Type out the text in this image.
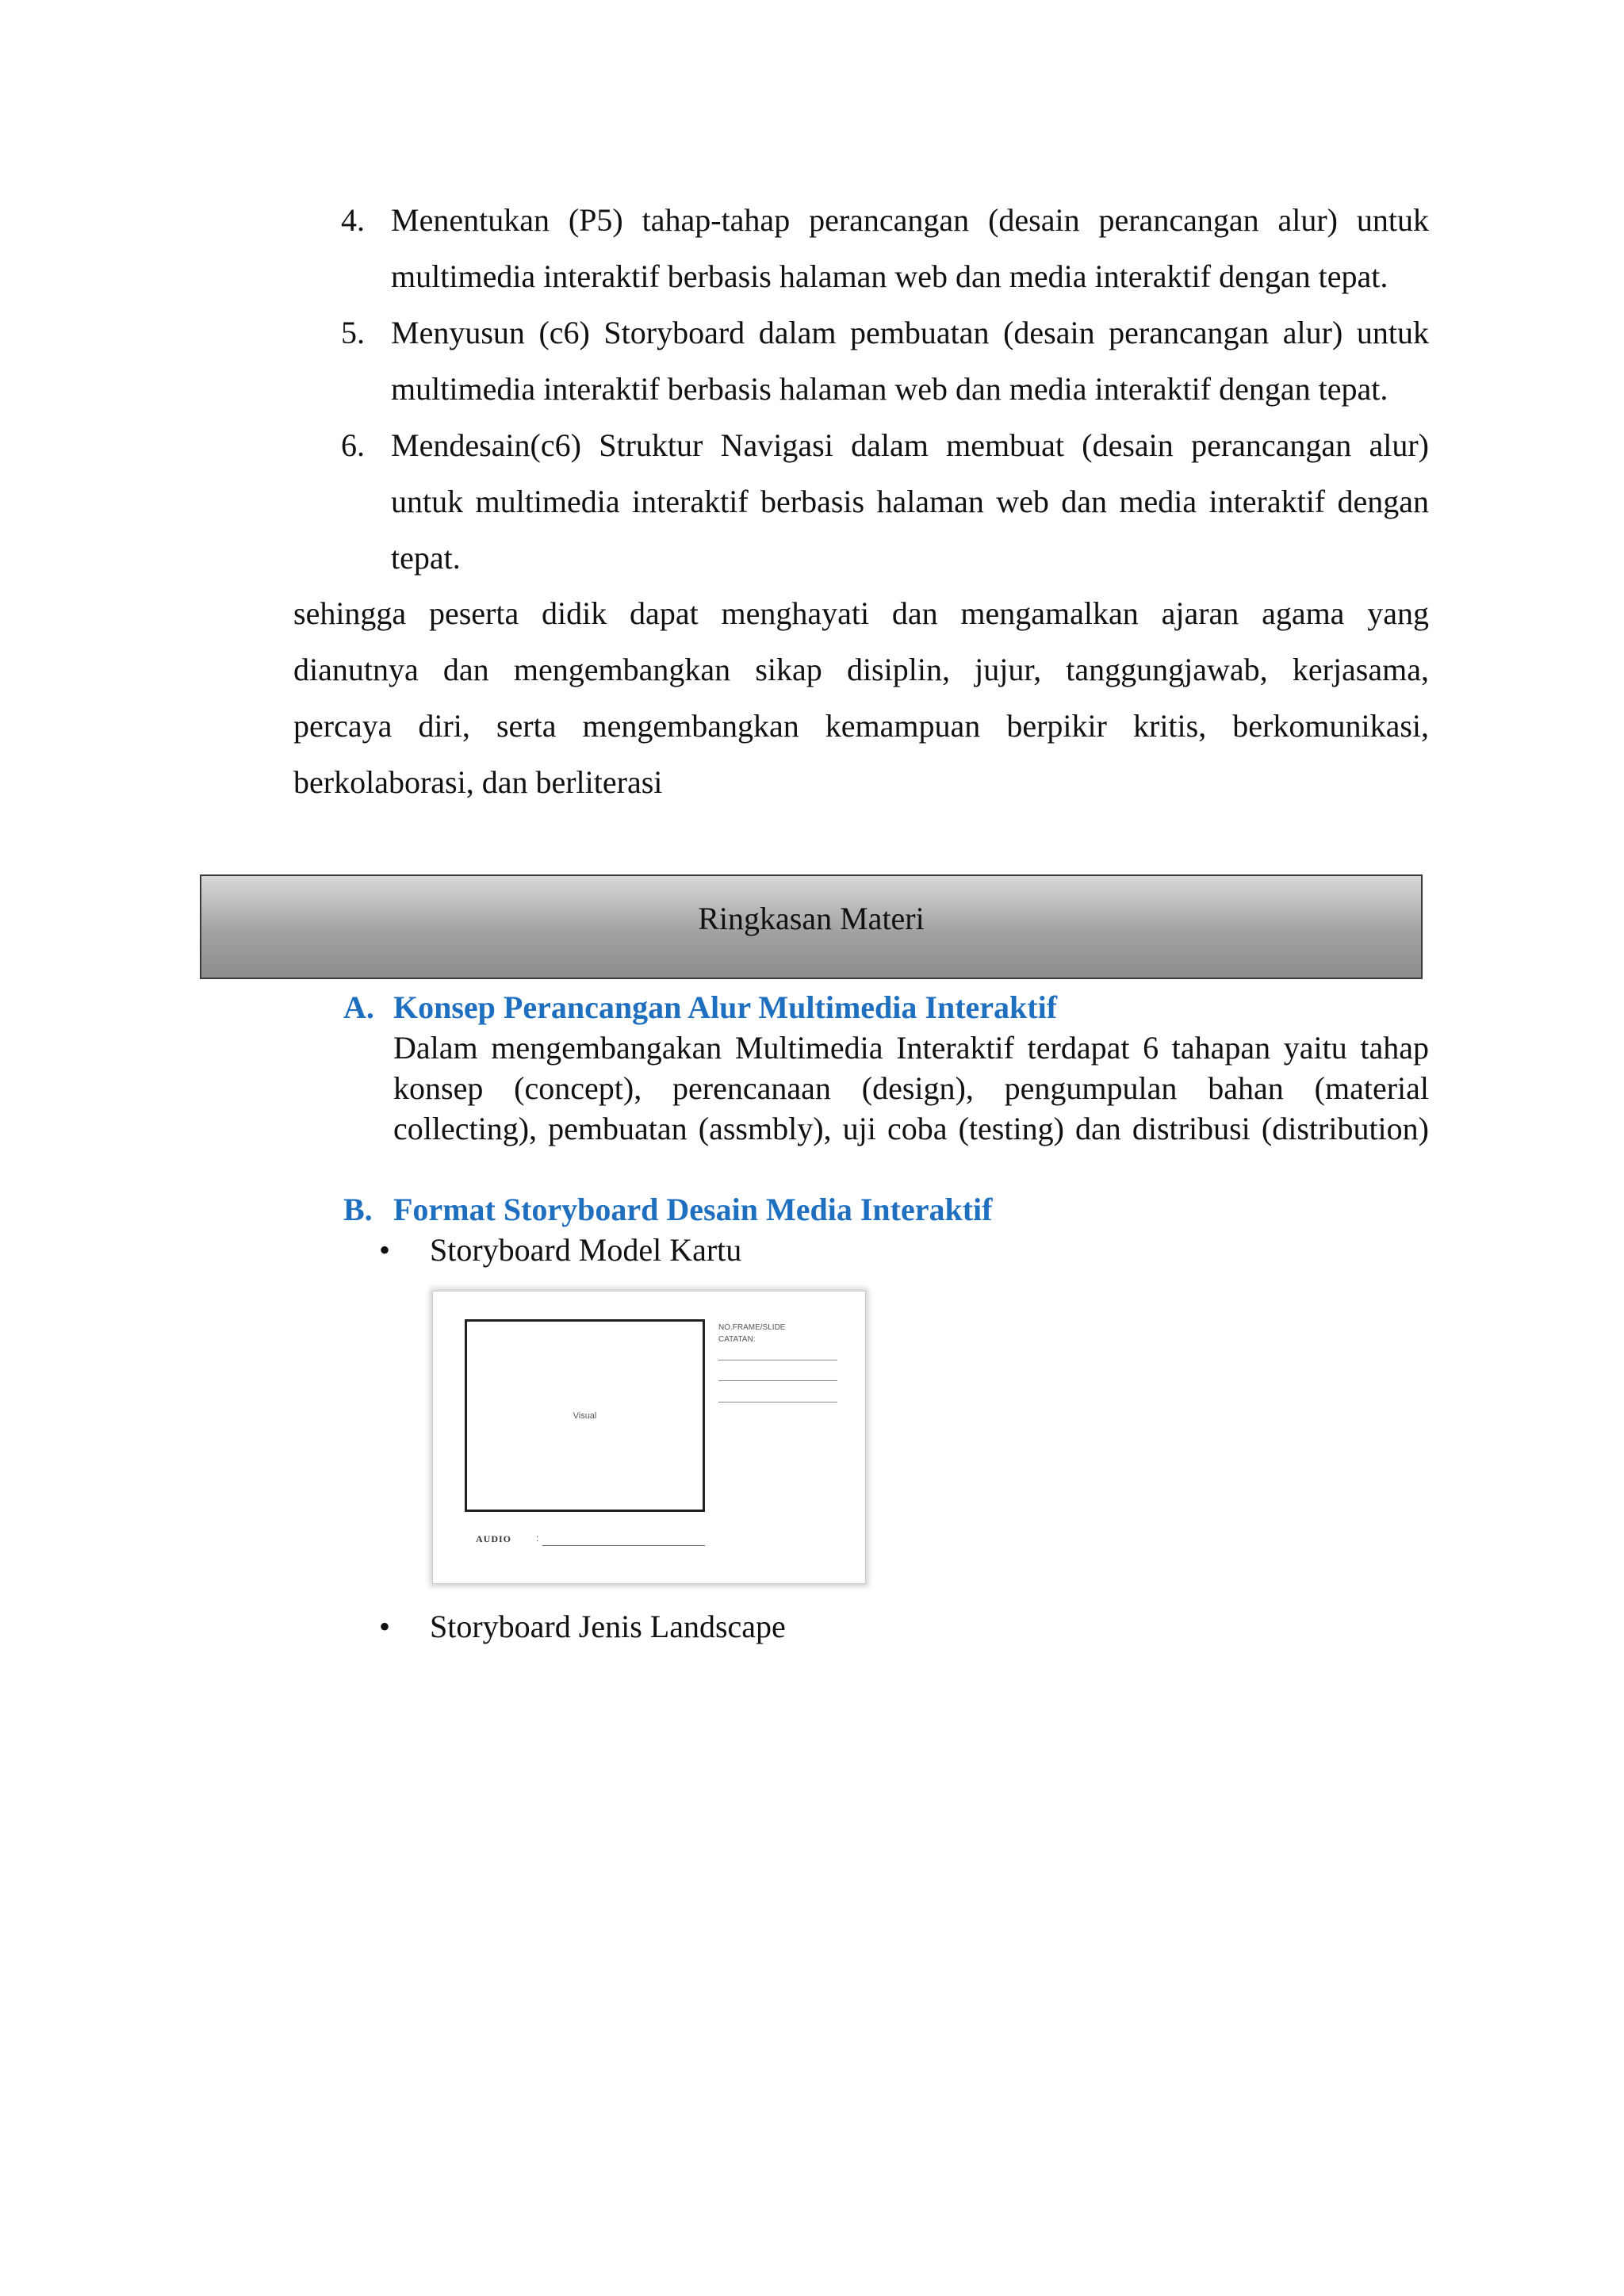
4. Menentukan (P5) tahap-tahap perancangan (desain perancangan alur) untuk
multimedia interaktif berbasis halaman web dan media interaktif dengan tepat.
5. Menyusun (c6) Storyboard dalam pembuatan (desain perancangan alur) untuk
multimedia interaktif berbasis halaman web dan media interaktif dengan tepat.
6. Mendesain(c6) Struktur Navigasi dalam membuat (desain perancangan alur)
untuk multimedia interaktif berbasis halaman web dan media interaktif dengan
tepat.
sehingga peserta didik dapat menghayati dan mengamalkan ajaran agama yang
dianutnya dan mengembangkan sikap disiplin, jujur, tanggungjawab, kerjasama,
percaya diri, serta mengembangkan kemampuan berpikir kritis, berkomunikasi,
berkolaborasi, dan berliterasi
Ringkasan Materi
A. Konsep Perancangan Alur Multimedia Interaktif
Dalam mengembangakan Multimedia Interaktif terdapat 6 tahapan yaitu tahap
konsep (concept), perencanaan (design), pengumpulan bahan (material
collecting), pembuatan (assmbly), uji coba (testing) dan distribusi (distribution)
B. Format Storyboard Desain Media Interaktif
• Storyboard Model Kartu
Visual
NO.FRAME/SLIDE
CATATAN:
AUDIO	:
• Storyboard Jenis Landscape
